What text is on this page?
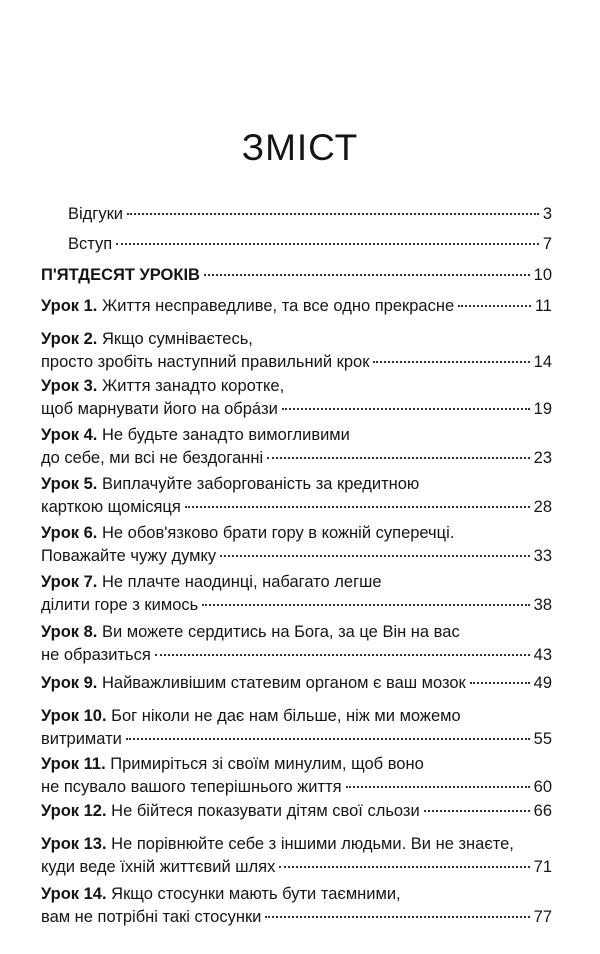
ЗМІСТ
Відгуки	3
Вступ	7
П'ЯТДЕСЯТ УРОКІВ	10
Урок 1. Життя несправедливе, та все одно прекрасне	11
Урок 2. Якщо сумніваєтесь,
просто зробіть наступний правильний крок	14
Урок 3. Життя занадто коротке,
щоб марнувати його на обрáзи	19
Урок 4. Не будьте занадто вимогливими
до себе, ми всі не бездоганні	23
Урок 5. Виплачуйте заборгованість за кредитною
карткою щомісяця	28
Урок 6. Не обов'язково брати гору в кожній суперечці.
Поважайте чужу думку	33
Урок 7. Не плачте наодинці, набагато легше
ділити горе з кимось	38
Урок 8. Ви можете сердитись на Бога, за це Він на вас
не образиться	43
Урок 9. Найважливішим статевим органом є ваш мозок	49
Урок 10. Бог ніколи не дає нам більше, ніж ми можемо
витримати	55
Урок 11. Примиріться зі своїм минулим, щоб воно
не псувало вашого теперішнього життя	60
Урок 12. Не бійтеся показувати дітям свої сльози	66
Урок 13. Не порівнюйте себе з іншими людьми. Ви не знаєте,
куди веде їхній життєвий шлях	71
Урок 14. Якщо стосунки мають бути таємними,
вам не потрібні такі стосунки	77
